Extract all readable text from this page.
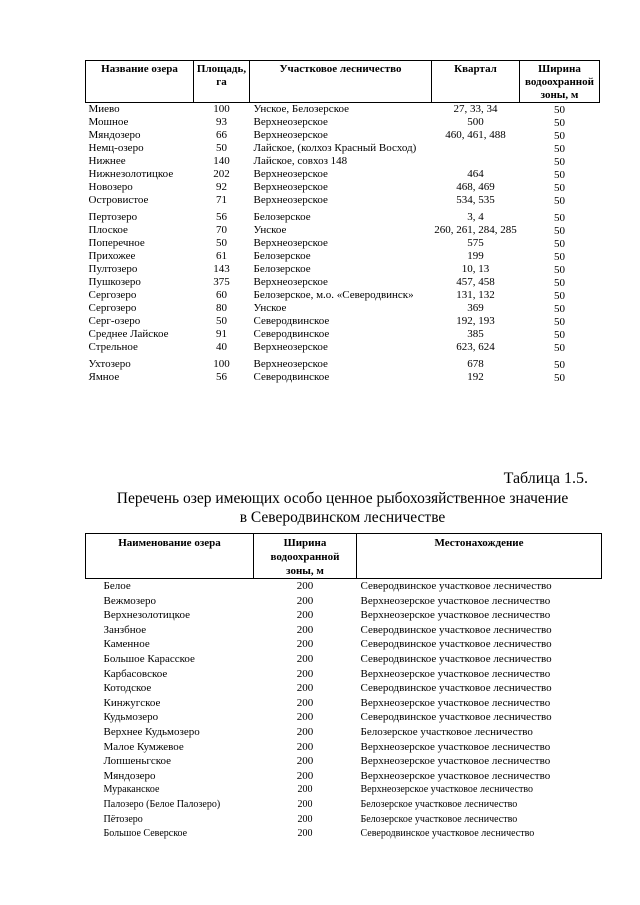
Название озера	Площадь, га	Участковое лесничество	Квартал	Ширина водоохранной зоны, м
Миево	100	Унское, Белозерское	27, 33, 34	50
Мошное	93	Верхнеозерское	500	50
Мяндозеро	66	Верхнеозерское	460, 461, 488	50
Немц-озеро	50	Лайское, (колхоз Красный Восход)		50
Нижнее	140	Лайское, совхоз 148		50
Нижнезолотицкое	202	Верхнеозерское	464	50
Новозеро	92	Верхнеозерское	468, 469	50
Островистое	71	Верхнеозерское	534, 535	50
Пертозеро	56	Белозерское	3, 4	50
Плоское	70	Унское	260, 261, 284, 285	50
Поперечное	50	Верхнеозерское	575	50
Прихожее	61	Белозерское	199	50
Пултозеро	143	Белозерское	10, 13	50
Пушкозеро	375	Верхнеозерское	457, 458	50
Сергозеро	60	Белозерское, м.о. «Северодвинск»	131, 132	50
Сергозеро	80	Унское	369	50
Серг-озеро	50	Северодвинское	192, 193	50
Среднее Лайское	91	Северодвинское	385	50
Стрельное	40	Верхнеозерское	623, 624	50
Ухтозеро	100	Верхнеозерское	678	50
Ямное	56	Северодвинское	192	50
Таблица 1.5.
Перечень озер имеющих особо ценное рыбохозяйственное значение
в Северодвинском лесничестве
Наименование озера	Ширина водоохранной зоны, м	Местонахождение
Белое	200	Северодвинское участковое лесничество
Вежмозеро	200	Верхнеозерское участковое лесничество
Верхнезолотицкое	200	Верхнеозерское участковое лесничество
Занзбное	200	Северодвинское участковое лесничество
Каменное	200	Северодвинское участковое лесничество
Большое Карасское	200	Северодвинское участковое лесничество
Карбасовское	200	Верхнеозерское участковое лесничество
Котодское	200	Северодвинское участковое лесничество
Кинжугское	200	Верхнеозерское участковое лесничество
Кудьмозеро	200	Северодвинское участковое лесничество
Верхнее Кудьмозеро	200	Белозерское участковое лесничество
Малое Кумжевое	200	Верхнеозерское участковое лесничество
Лопшеньгское	200	Верхнеозерское участковое лесничество
Мяндозеро	200	Верхнеозерское участковое лесничество
Мураканское	200	Верхнеозерское участковое лесничество
Палозеро (Белое Палозеро)	200	Белозерское участковое лесничество
Пётозеро	200	Белозерское участковое лесничество
Большое Северское	200	Северодвинское участковое лесничество
